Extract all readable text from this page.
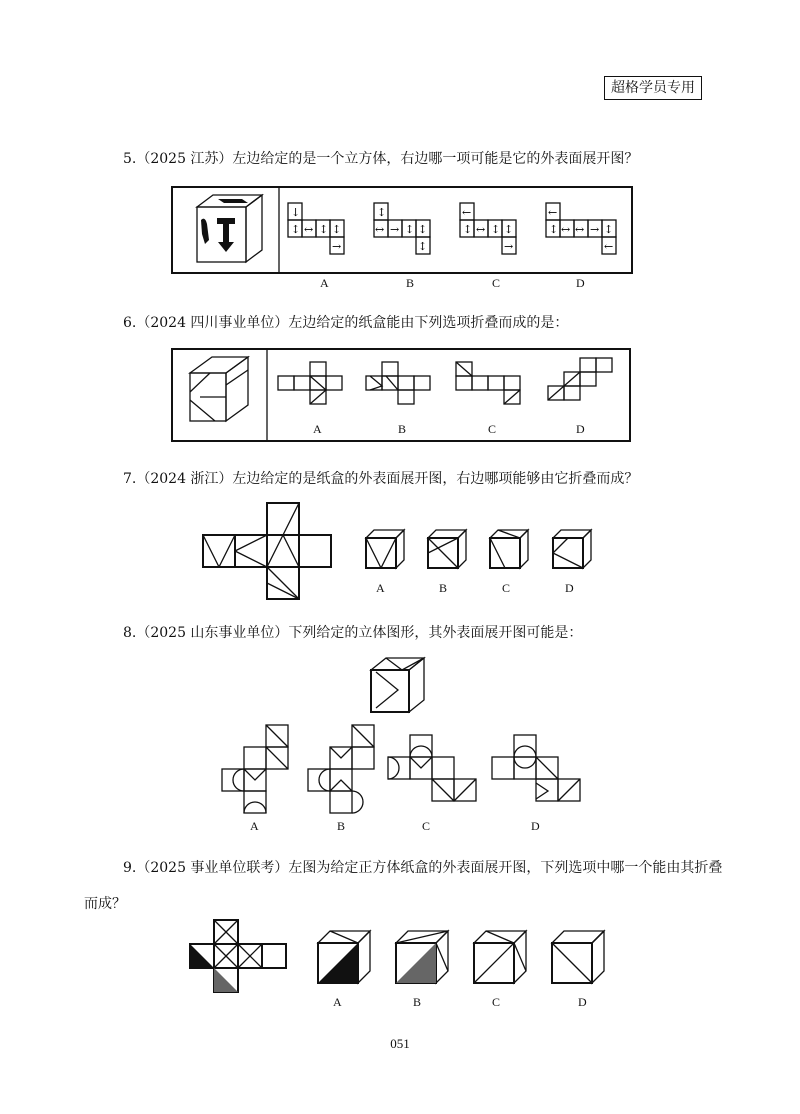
超格学员专用
5.（2025 江苏）左边给定的是一个立方体，右边哪一项可能是它的外表面展开图？
↓
↕ ↔ ↕ ↕
→
↕
↔ → ↕ ↕
↕
←
↕ ↔ ↕ ↕
→
←
↕ ↔ ↔ → ↕
←
A	B	C	D
6.（2024 四川事业单位）左边给定的纸盒能由下列选项折叠而成的是：
A	B	C	D
7.（2024 浙江）左边给定的是纸盒的外表面展开图，右边哪项能够由它折叠而成？
A	B	C	D
8.（2025 山东事业单位）下列给定的立体图形，其外表面展开图可能是：
A	B	C	D
9.（2025 事业单位联考）左图为给定正方体纸盒的外表面展开图，下列选项中哪一个能由其折叠而成？
A	B	C	D
051
